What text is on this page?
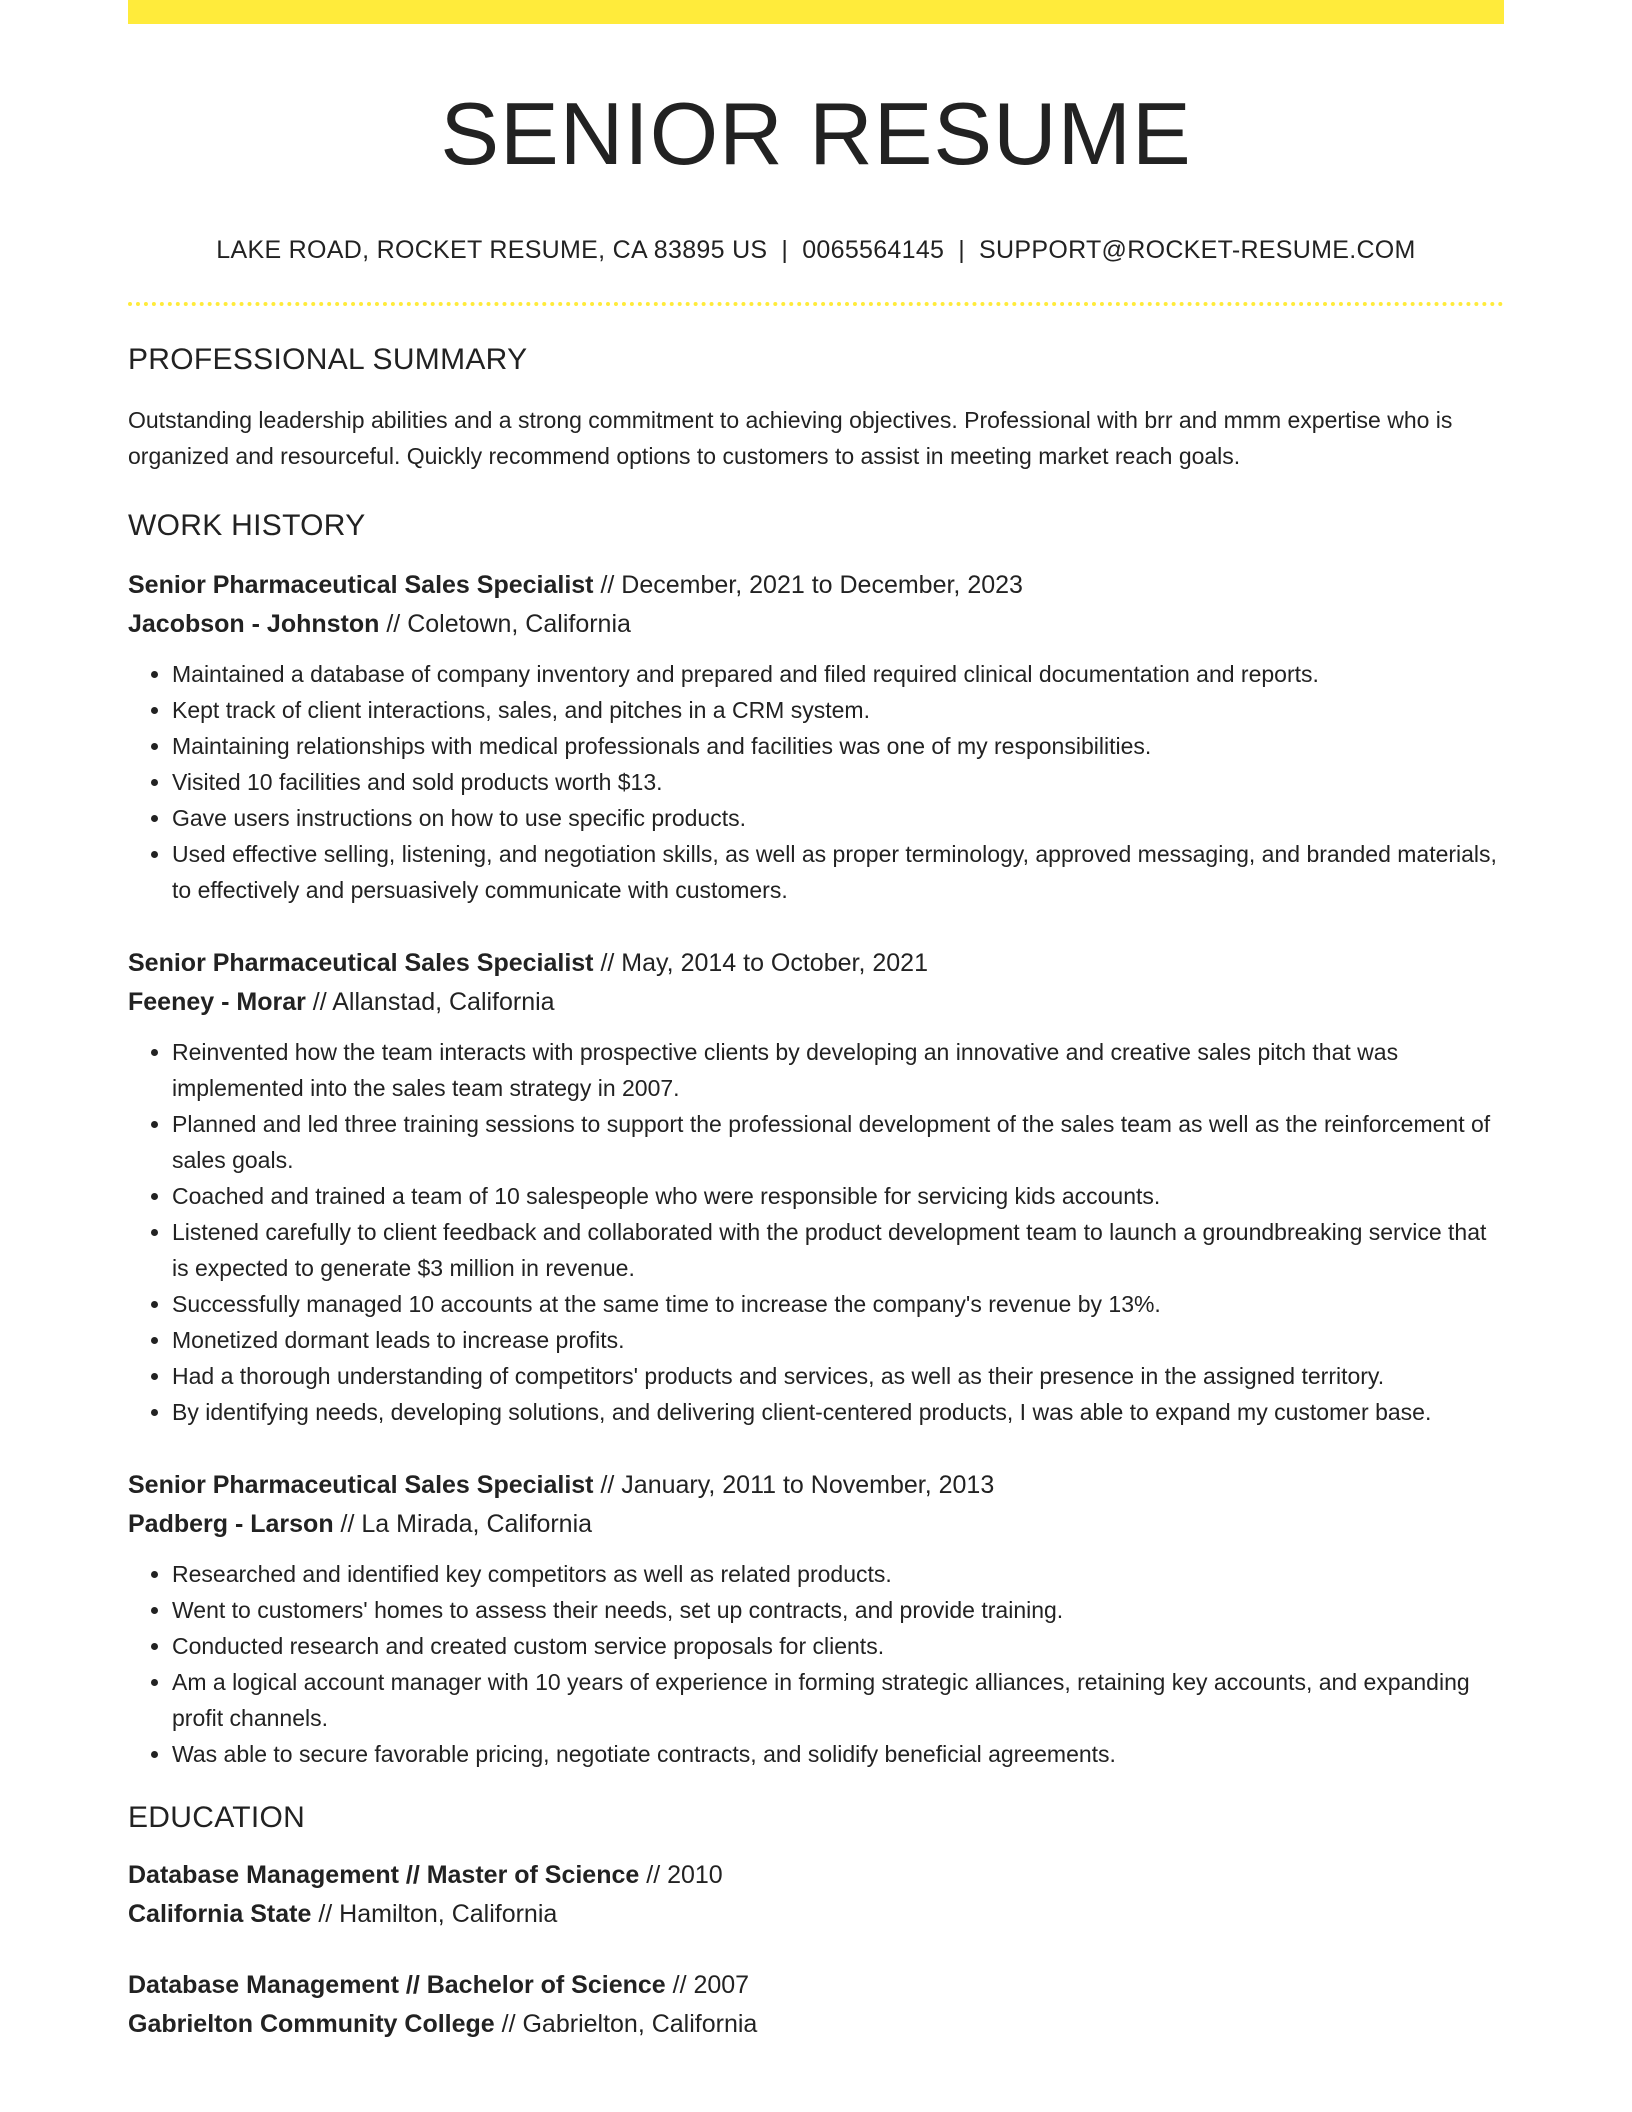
SENIOR RESUME
LAKE ROAD, ROCKET RESUME, CA 83895 US | 0065564145 | SUPPORT@ROCKET-RESUME.COM
PROFESSIONAL SUMMARY
Outstanding leadership abilities and a strong commitment to achieving objectives. Professional with brr and mmm expertise who is organized and resourceful. Quickly recommend options to customers to assist in meeting market reach goals.
WORK HISTORY
Senior Pharmaceutical Sales Specialist // December, 2021 to December, 2023
Jacobson - Johnston // Coletown, California
• Maintained a database of company inventory and prepared and filed required clinical documentation and reports.
• Kept track of client interactions, sales, and pitches in a CRM system.
• Maintaining relationships with medical professionals and facilities was one of my responsibilities.
• Visited 10 facilities and sold products worth $13.
• Gave users instructions on how to use specific products.
• Used effective selling, listening, and negotiation skills, as well as proper terminology, approved messaging, and branded materials, to effectively and persuasively communicate with customers.
Senior Pharmaceutical Sales Specialist // May, 2014 to October, 2021
Feeney - Morar // Allanstad, California
• Reinvented how the team interacts with prospective clients by developing an innovative and creative sales pitch that was implemented into the sales team strategy in 2007.
• Planned and led three training sessions to support the professional development of the sales team as well as the reinforcement of sales goals.
• Coached and trained a team of 10 salespeople who were responsible for servicing kids accounts.
• Listened carefully to client feedback and collaborated with the product development team to launch a groundbreaking service that is expected to generate $3 million in revenue.
• Successfully managed 10 accounts at the same time to increase the company's revenue by 13%.
• Monetized dormant leads to increase profits.
• Had a thorough understanding of competitors' products and services, as well as their presence in the assigned territory.
• By identifying needs, developing solutions, and delivering client-centered products, I was able to expand my customer base.
Senior Pharmaceutical Sales Specialist // January, 2011 to November, 2013
Padberg - Larson // La Mirada, California
• Researched and identified key competitors as well as related products.
• Went to customers' homes to assess their needs, set up contracts, and provide training.
• Conducted research and created custom service proposals for clients.
• Am a logical account manager with 10 years of experience in forming strategic alliances, retaining key accounts, and expanding profit channels.
• Was able to secure favorable pricing, negotiate contracts, and solidify beneficial agreements.
EDUCATION
Database Management // Master of Science // 2010
California State // Hamilton, California
Database Management // Bachelor of Science // 2007
Gabrielton Community College // Gabrielton, California
